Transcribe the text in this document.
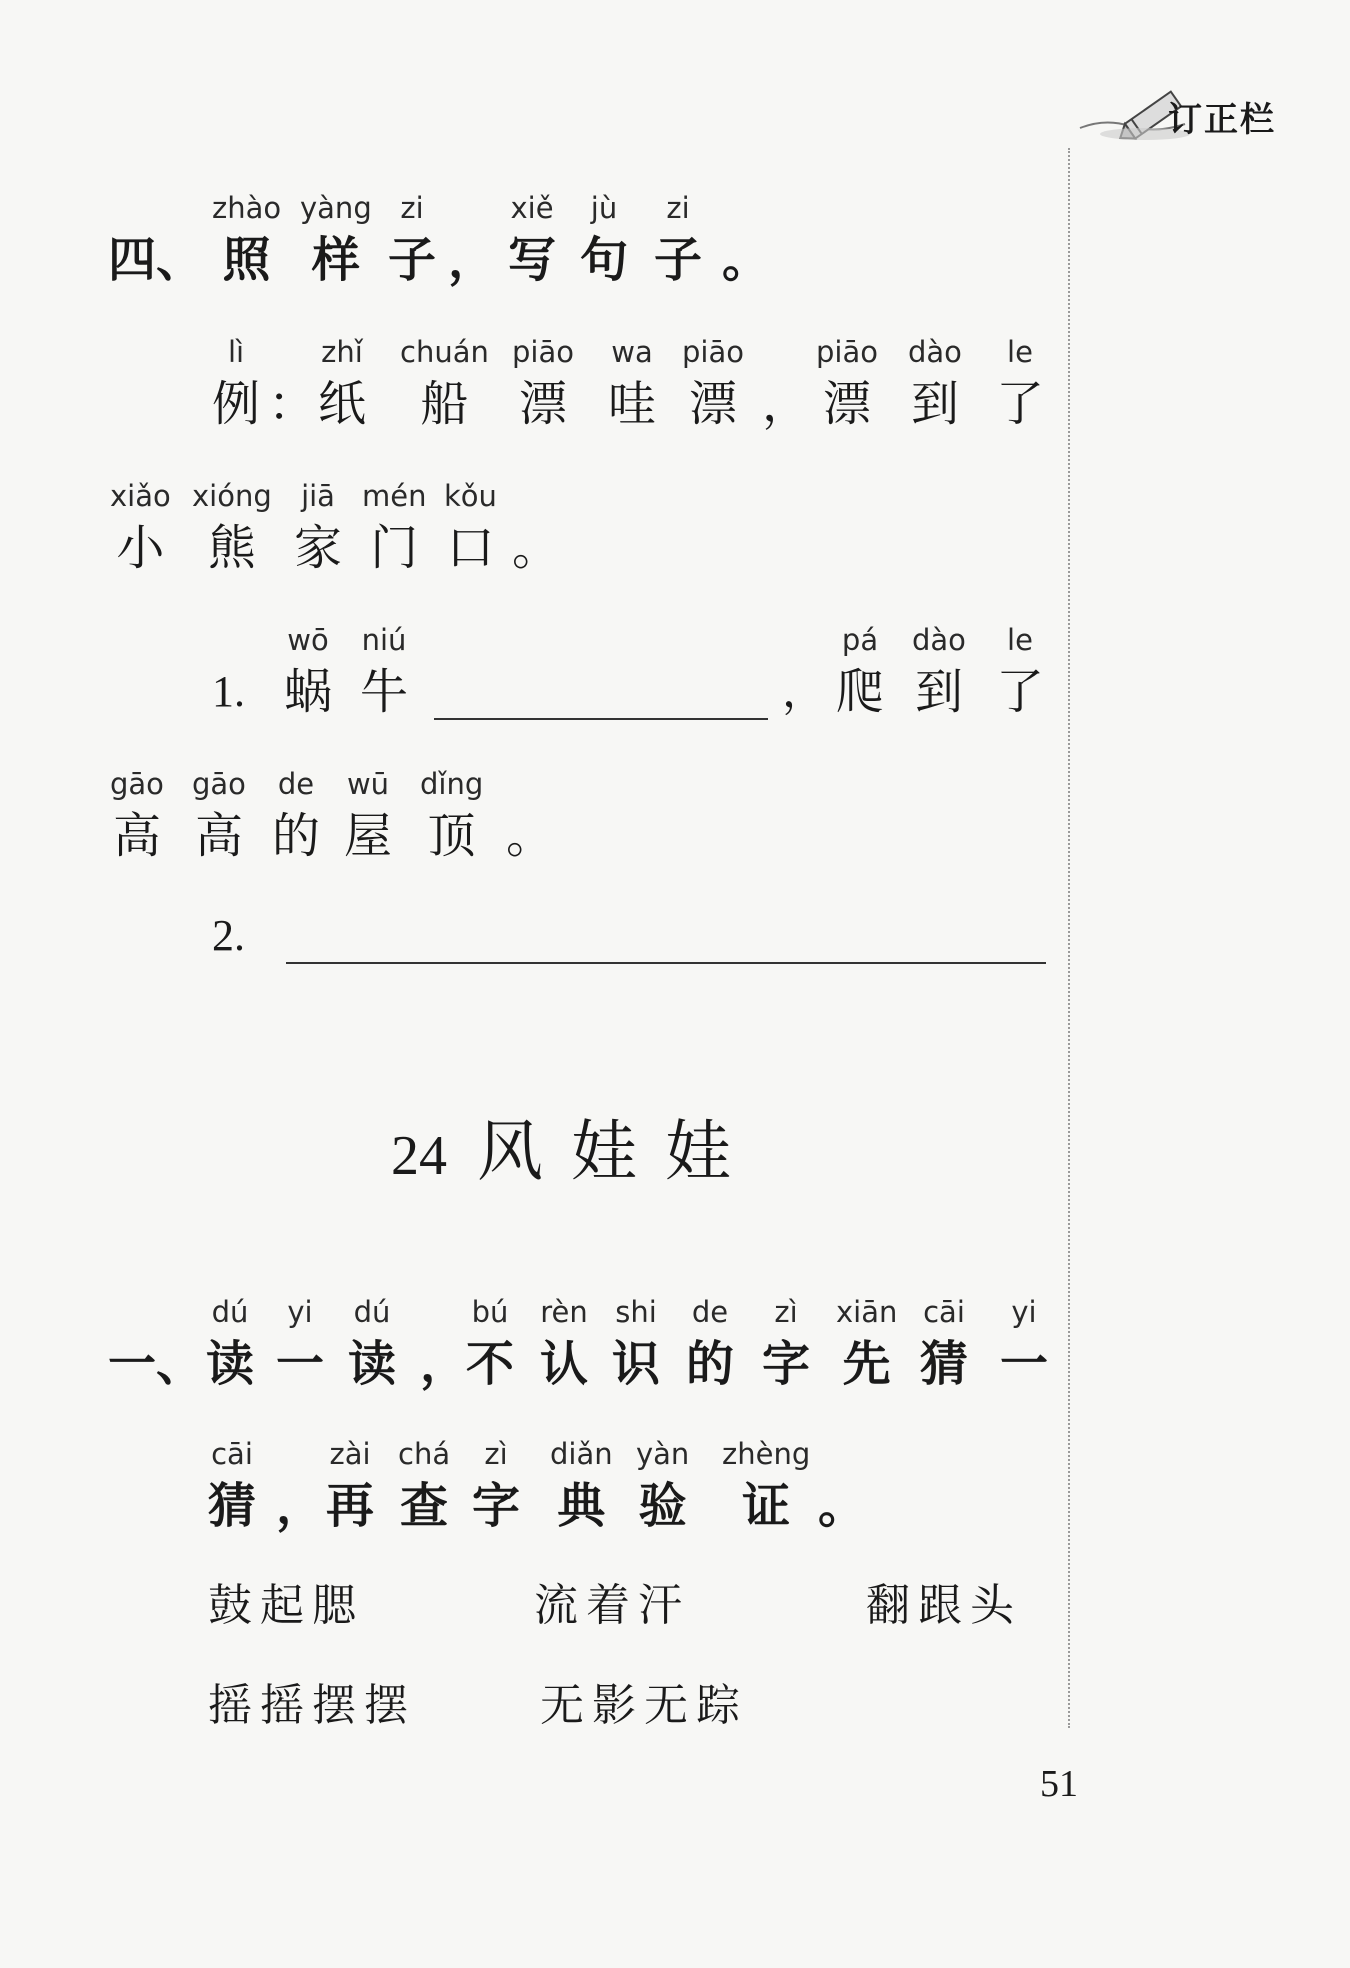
订正栏
四、
zhào
照
yàng
样
zi
子 ，
xiě
写
jù
句
zi
子 。
lì
例 ：
zhǐ
纸
chuán
船
piāo
漂
wa
哇
piāo
漂 ，
piāo
漂
dào
到
le
了
xiǎo
小
xióng
熊
jiā
家
mén
门
kǒu
口 。
1.
wō
蜗
niú
牛	，
pá
爬
dào
到
le
了
gāo
高
gāo
高
de
的
wū
屋
dǐng
顶 。
2.
24 风娃娃
一、
dú
读
yi
一
dú
读 ，
bú
不
rèn
认
shi
识
de
的
zì
字
xiān
先
cāi
猜
yi
一
cāi
猜 ，
zài
再
chá
查
zì
字
diǎn
典
yàn
验
zhèng
证 。
鼓起腮	流着汗	翻跟头
摇摇摆摆	无影无踪
51
